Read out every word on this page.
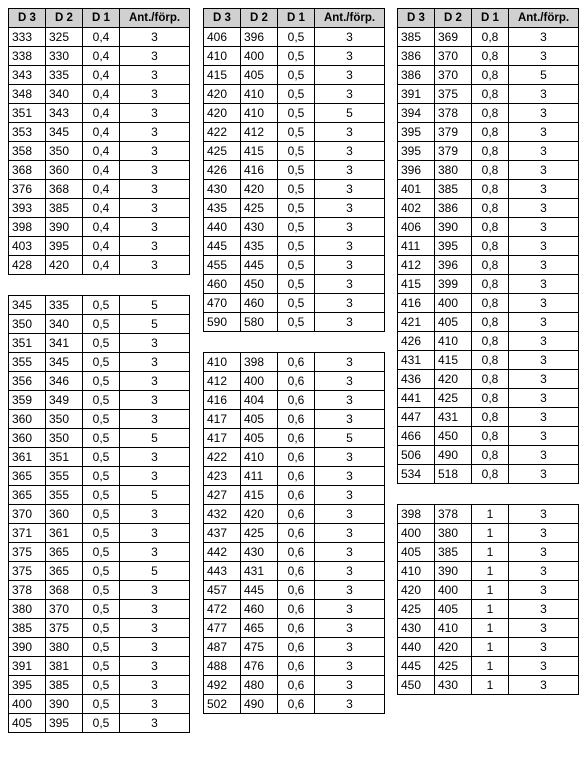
D 3	D 2	D 1	Ant./förp.
333	325	0,4	3
338	330	0,4	3
343	335	0,4	3
348	340	0,4	3
351	343	0,4	3
353	345	0,4	3
358	350	0,4	3
368	360	0,4	3
376	368	0,4	3
393	385	0,4	3
398	390	0,4	3
403	395	0,4	3
428	420	0,4	3
345	335	0,5	5
350	340	0,5	5
351	341	0,5	3
355	345	0,5	3
356	346	0,5	3
359	349	0,5	3
360	350	0,5	3
360	350	0,5	5
361	351	0,5	3
365	355	0,5	3
365	355	0,5	5
370	360	0,5	3
371	361	0,5	3
375	365	0,5	3
375	365	0,5	5
378	368	0,5	3
380	370	0,5	3
385	375	0,5	3
390	380	0,5	3
391	381	0,5	3
395	385	0,5	3
400	390	0,5	3
405	395	0,5	3
D 3	D 2	D 1	Ant./förp.
406	396	0,5	3
410	400	0,5	3
415	405	0,5	3
420	410	0,5	3
420	410	0,5	5
422	412	0,5	3
425	415	0,5	3
426	416	0,5	3
430	420	0,5	3
435	425	0,5	3
440	430	0,5	3
445	435	0,5	3
455	445	0,5	3
460	450	0,5	3
470	460	0,5	3
590	580	0,5	3
410	398	0,6	3
412	400	0,6	3
416	404	0,6	3
417	405	0,6	3
417	405	0,6	5
422	410	0,6	3
423	411	0,6	3
427	415	0,6	3
432	420	0,6	3
437	425	0,6	3
442	430	0,6	3
443	431	0,6	3
457	445	0,6	3
472	460	0,6	3
477	465	0,6	3
487	475	0,6	3
488	476	0,6	3
492	480	0,6	3
502	490	0,6	3
D 3	D 2	D 1	Ant./förp.
385	369	0,8	3
386	370	0,8	3
386	370	0,8	5
391	375	0,8	3
394	378	0,8	3
395	379	0,8	3
395	379	0,8	3
396	380	0,8	3
401	385	0,8	3
402	386	0,8	3
406	390	0,8	3
411	395	0,8	3
412	396	0,8	3
415	399	0,8	3
416	400	0,8	3
421	405	0,8	3
426	410	0,8	3
431	415	0,8	3
436	420	0,8	3
441	425	0,8	3
447	431	0,8	3
466	450	0,8	3
506	490	0,8	3
534	518	0,8	3
398	378	1	3
400	380	1	3
405	385	1	3
410	390	1	3
420	400	1	3
425	405	1	3
430	410	1	3
440	420	1	3
445	425	1	3
450	430	1	3
